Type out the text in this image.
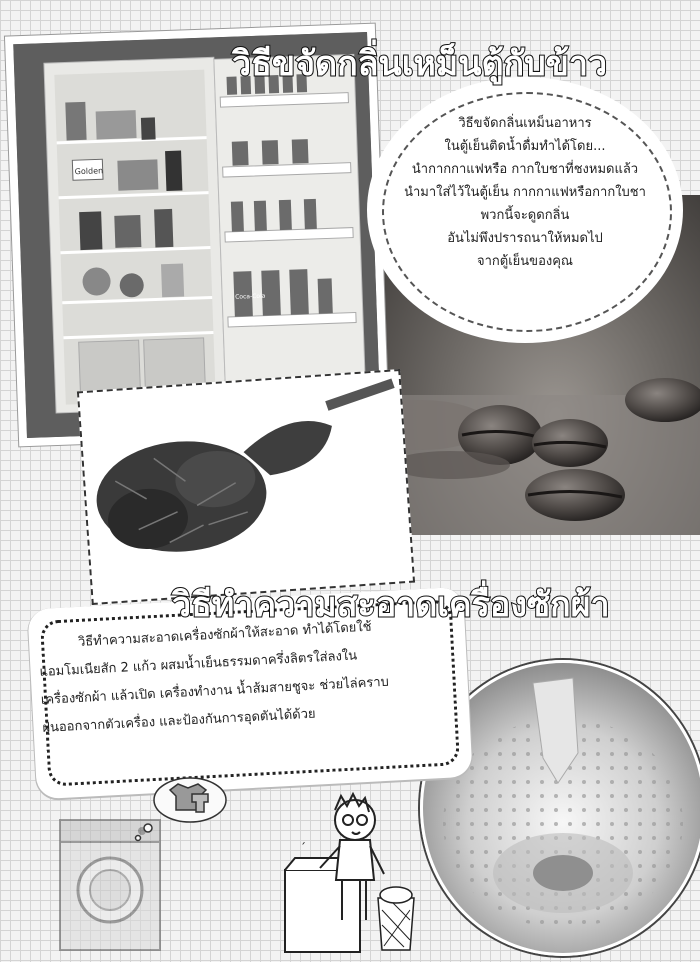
Golden
Coca-Cola
วิธีขจัดกลิ่นเหม็นอาหาร
ในตู้เย็นติดน้ำดื่มทำได้โดย...
นำกากกาแฟหรือ กากใบชาที่ชงหมดแล้ว
นำมาใส่ไว้ในตู้เย็น กากกาแฟหรือกากใบชา
พวกนี้จะดูดกลิ่น
อันไม่พึงปรารถนาให้หมดไป
จากตู้เย็นของคุณ
วิธีขจัดกลิ่นเหม็นตู้กับข้าว
วิธีทำความสะอาดเครื่องซักผ้าให้สะอาด ทำได้โดยใช้
แอมโมเนียสัก 2 แก้ว ผสมน้ำเย็นธรรมดาครึ่งลิตรใส่ลงใน
เครื่องซักผ้า แล้วเปิด เครื่องทำงาน น้ำส้มสายชูจะ ช่วยไล่คราบ
ฝุ่นออกจากตัวเครื่อง และป้องกันการอุดตันได้ด้วย
วิธีทำความสะอาดเครื่องซักผ้า
´
